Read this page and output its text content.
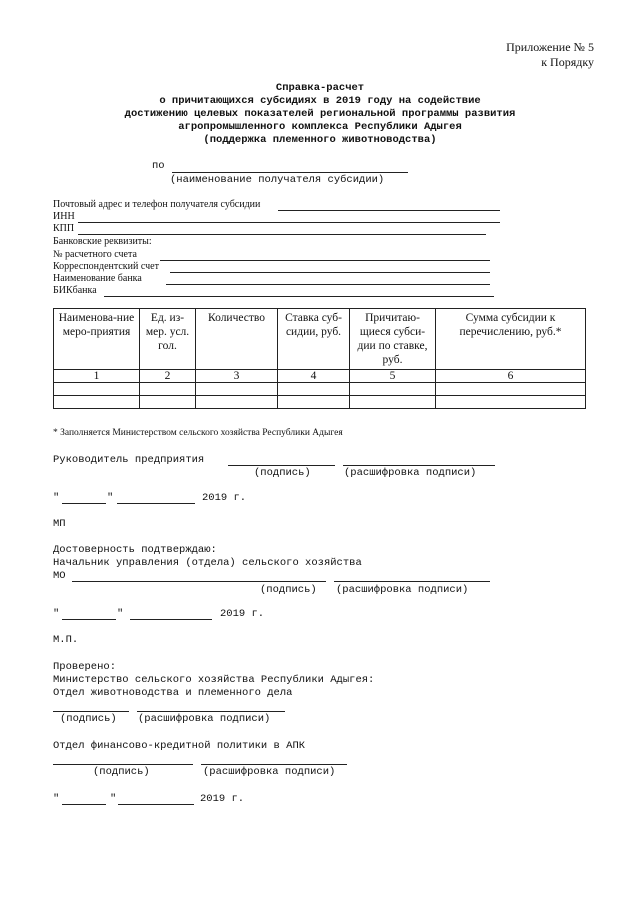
Приложение № 5
к Порядку
Справка-расчет
о причитающихся субсидиях в 2019 году на содействие
достижению целевых показателей региональной программы развития
агропромышленного комплекса Республики Адыгея
(поддержка племенного животноводства)
по
(наименование получателя субсидии)
Почтовый адрес и телефон получателя субсидии
ИНН
КПП
Банковские реквизиты:
№ расчетного счета
Корреспондентский счет
Наименование банка
БИКбанка
Наименова-ние меро-приятия	Ед. из-мер. усл. гол.	Количество	Ставка суб-сидии, руб.	Причитаю-щиеся субси-дии по ставке, руб.	Сумма субсидии к перечислению, руб.*
1	2	3	4	5	6

* Заполняется Министерством сельского хозяйства Республики Адыгея
Руководитель предприятия
(подпись)	(расшифровка подписи)
"	"	2019 г.
МП
Достоверность подтверждаю:
Начальник управления (отдела) сельского хозяйства
МО
(подпись) (расшифровка подписи)
"	"	2019 г.
М.П.
Проверено:
Министерство сельского хозяйства Республики Адыгея:
Отдел животноводства и племенного дела
(подпись) (расшифровка подписи)
Отдел финансово-кредитной политики в АПК
(подпись)	(расшифровка подписи)
"	"	2019 г.
